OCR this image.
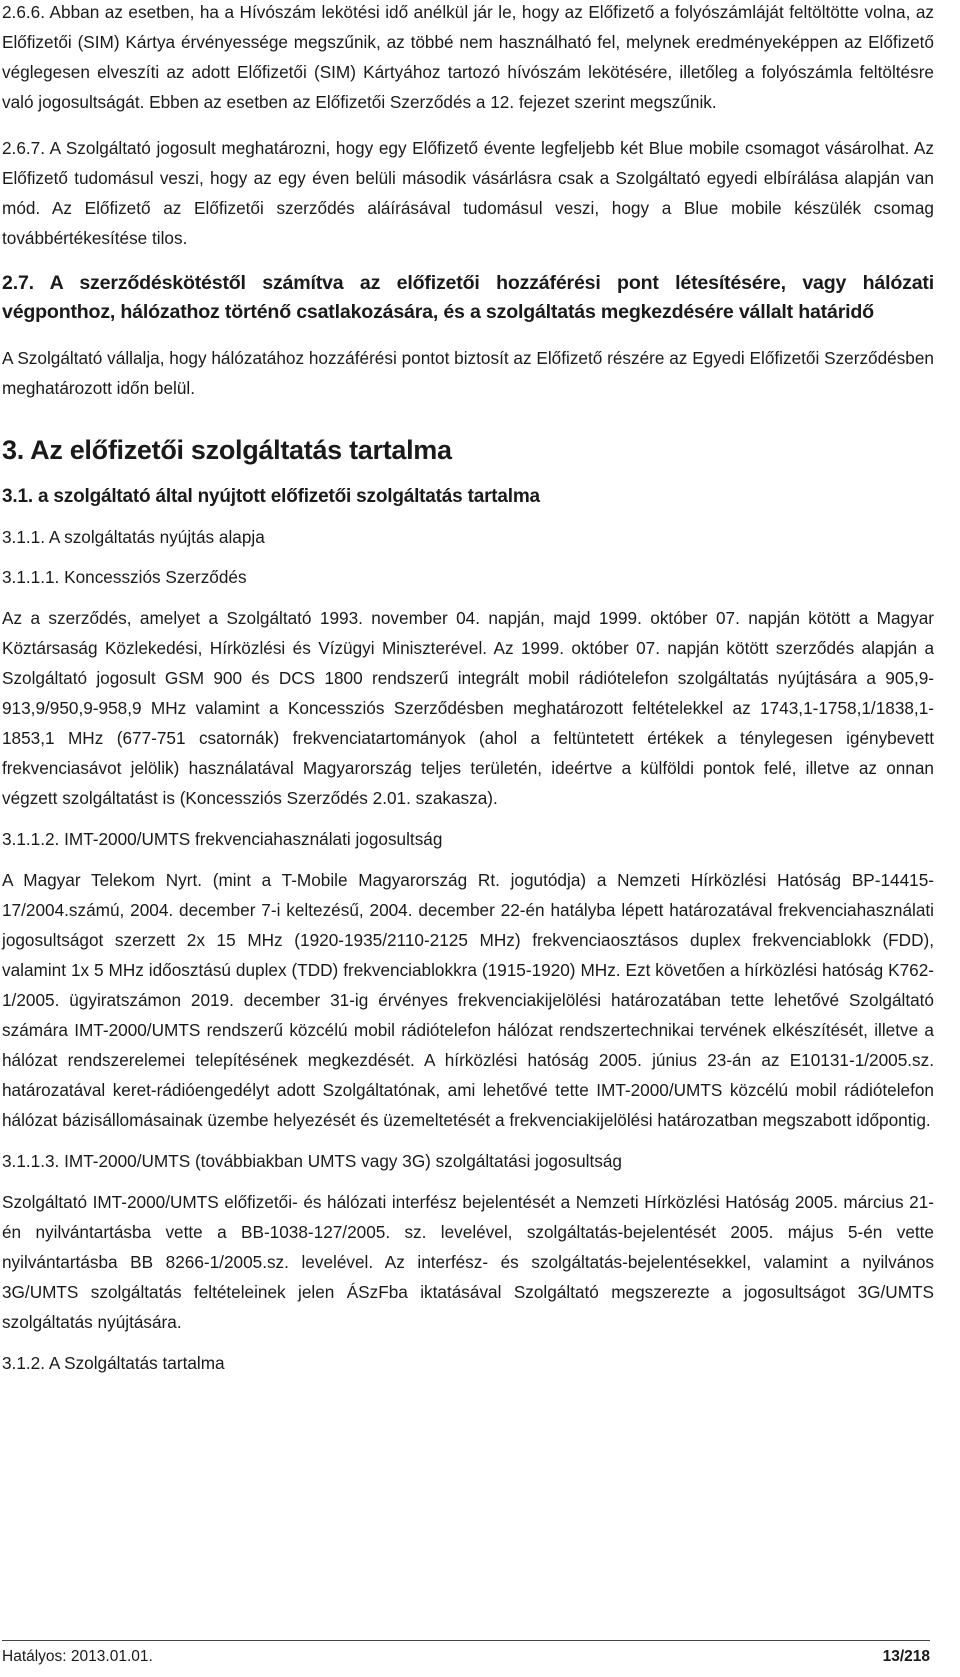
2.6.6. Abban az esetben, ha a Hívószám lekötési idő anélkül jár le, hogy az Előfizető a folyószámláját feltöltötte volna, az Előfizetői (SIM) Kártya érvényessége megszűnik, az többé nem használható fel, melynek eredményeképpen az Előfizető véglegesen elveszíti az adott Előfizetői (SIM) Kártyához tartozó hívószám lekötésére, illetőleg a folyószámla feltöltésre való jogosultságát. Ebben az esetben az Előfizetői Szerződés a 12. fejezet szerint megszűnik.

2.6.7. A Szolgáltató jogosult meghatározni, hogy egy Előfizető évente legfeljebb két Blue mobile csomagot vásárolhat. Az Előfizető tudomásul veszi, hogy az egy éven belüli második vásárlásra csak a Szolgáltató egyedi elbírálása alapján van mód. Az Előfizető az Előfizetői szerződés aláírásával tudomásul veszi, hogy a Blue mobile készülék csomag továbbértékesítése tilos.

2.7. A szerződéskötéstől számítva az előfizetői hozzáférési pont létesítésére, vagy hálózati végponthoz, hálózathoz történő csatlakozására, és a szolgáltatás megkezdésére vállalt határidő

A Szolgáltató vállalja, hogy hálózatához hozzáférési pontot biztosít az Előfizető részére az Egyedi Előfizetői Szerződésben meghatározott időn belül.

3. Az előfizetői szolgáltatás tartalma

3.1. a szolgáltató által nyújtott előfizetői szolgáltatás tartalma

3.1.1. A szolgáltatás nyújtás alapja

3.1.1.1. Koncessziós Szerződés

Az a szerződés, amelyet a Szolgáltató 1993. november 04. napján, majd 1999. október 07. napján kötött a Magyar Köztársaság Közlekedési, Hírközlési és Vízügyi Miniszterével. Az 1999. október 07. napján kötött szerződés alapján a Szolgáltató jogosult GSM 900 és DCS 1800 rendszerű integrált mobil rádiótelefon szolgáltatás nyújtására a 905,9-913,9/950,9-958,9 MHz valamint a Koncessziós Szerződésben meghatározott feltételekkel az 1743,1-1758,1/1838,1-1853,1 MHz (677-751 csatornák) frekvenciatartományok (ahol a feltüntetett értékek a ténylegesen igénybevett frekvenciasávot jelölik) használatával Magyarország teljes területén, ideértve a külföldi pontok felé, illetve az onnan végzett szolgáltatást is (Koncessziós Szerződés 2.01. szakasza).

3.1.1.2. IMT-2000/UMTS frekvenciahasználati jogosultság

A Magyar Telekom Nyrt. (mint a T-Mobile Magyarország Rt. jogutódja) a Nemzeti Hírközlési Hatóság BP-14415-17/2004.számú, 2004. december 7-i keltezésű, 2004. december 22-én hatályba lépett határozatával frekvenciahasználati jogosultságot szerzett 2x 15 MHz (1920-1935/2110-2125 MHz) frekvenciaosztásos duplex frekvenciablokk (FDD), valamint 1x 5 MHz időosztású duplex (TDD) frekvenciablokkra (1915-1920) MHz. Ezt követően a hírközlési hatóság K762-1/2005. ügyiratszámon 2019. december 31-ig érvényes frekvenciakijelölési határozatában tette lehetővé Szolgáltató számára IMT-2000/UMTS rendszerű közcélú mobil rádiótelefon hálózat rendszertechnikai tervének elkészítését, illetve a hálózat rendszerelemei telepítésének megkezdését. A hírközlési hatóság 2005. június 23-án az E10131-1/2005.sz. határozatával keret-rádióengedélyt adott Szolgáltatónak, ami lehetővé tette IMT-2000/UMTS közcélú mobil rádiótelefon hálózat bázisállomásainak üzembe helyezését és üzemeltetését a frekvenciakijelölési határozatban megszabott időpontig.

3.1.1.3. IMT-2000/UMTS (továbbiakban UMTS vagy 3G) szolgáltatási jogosultság

Szolgáltató IMT-2000/UMTS előfizetői- és hálózati interfész bejelentését a Nemzeti Hírközlési Hatóság 2005. március 21-én nyilvántartásba vette a BB-1038-127/2005. sz. levelével, szolgáltatás-bejelentését 2005. május 5-én vette nyilvántartásba BB 8266-1/2005.sz. levelével. Az interfész- és szolgáltatás-bejelentésekkel, valamint a nyilvános 3G/UMTS szolgáltatás feltételeinek jelen ÁSzFba iktatásával Szolgáltató megszerezte a jogosultságot 3G/UMTS szolgáltatás nyújtására.

3.1.2. A Szolgáltatás tartalma

Hatályos: 2013.01.01.	13/218
